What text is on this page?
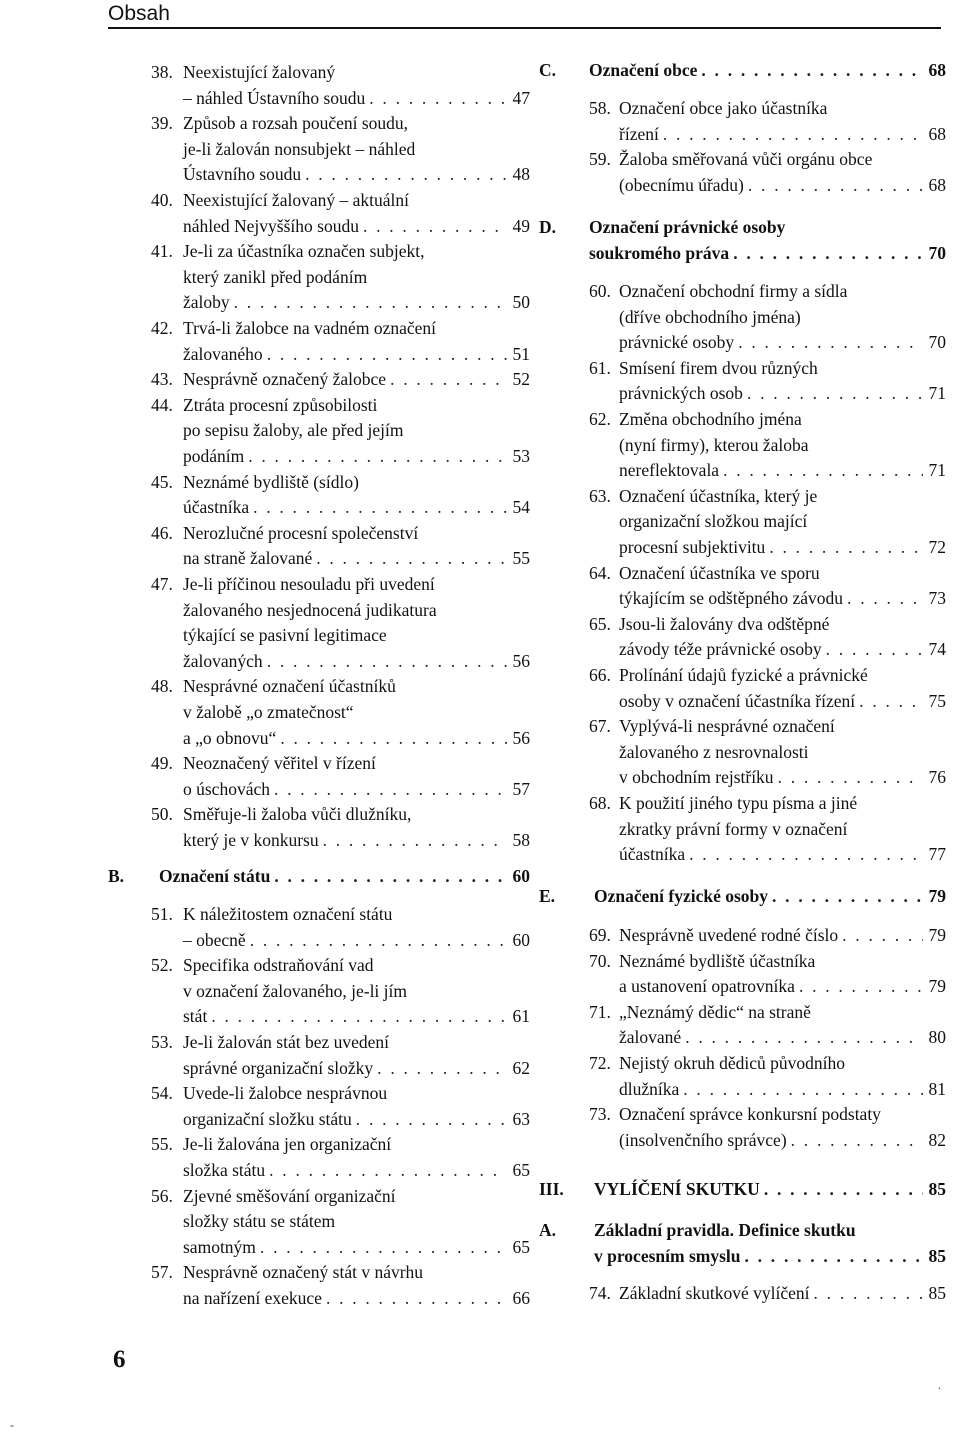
Obsah
38. Neexistující žalovaný
– náhled Ústavního soudu . . .	47
39. Způsob a rozsah poučení soudu,
je-li žalován nonsubjekt – náhled
Ústavního soudu . . .	48
40. Neexistující žalovaný – aktuální
náhled Nejvyššího soudu . . .	49
41. Je-li za účastníka označen subjekt,
který zanikl před podáním
žaloby . . .	50
42. Trvá-li žalobce na vadném označení
žalovaného . . .	51
43. Nesprávně označený žalobce . . .	52
44. Ztráta procesní způsobilosti
po sepisu žaloby, ale před jejím
podáním . . .	53
45. Neznámé bydliště (sídlo)
účastníka . . .	54
46. Nerozlučné procesní společenství
na straně žalované . . .	55
47. Je-li příčinou nesouladu při uvedení
žalovaného nesjednocená judikatura
týkající se pasivní legitimace
žalovaných . . .	56
48. Nesprávné označení účastníků
v žalobě „o zmatečnost“
a „o obnovu“ . . .	56
49. Neoznačený věřitel v řízení
o úschovách . . .	57
50. Směřuje-li žaloba vůči dlužníku,
který je v konkursu . . .	58
B. Označení státu . . .	60
51. K náležitostem označení státu
– obecně . . .	60
52. Specifika odstraňování vad
v označení žalovaného, je-li jím
stát . . .	61
53. Je-li žalován stát bez uvedení
správné organizační složky . . .	62
54. Uvede-li žalobce nesprávnou
organizační složku státu . . .	63
55. Je-li žalována jen organizační
složka státu . . .	65
56. Zjevné směšování organizační
složky státu se státem
samotným . . .	65
57. Nesprávně označený stát v návrhu
na nařízení exekuce . . .	66
C. Označení obce . . .	68
58. Označení obce jako účastníka
řízení . . .	68
59. Žaloba směřovaná vůči orgánu obce
(obecnímu úřadu) . . .	68
D. Označení právnické osoby
soukromého práva . . .	70
60. Označení obchodní firmy a sídla
(dříve obchodního jména)
právnické osoby . . .	70
61. Smísení firem dvou různých
právnických osob . . .	71
62. Změna obchodního jména
(nyní firmy), kterou žaloba
nereflektovala . . .	71
63. Označení účastníka, který je
organizační složkou mající
procesní subjektivitu . . .	72
64. Označení účastníka ve sporu
týkajícím se odštěpného závodu . . .	73
65. Jsou-li žalovány dva odštěpné
závody téže právnické osoby . . .	74
66. Prolínání údajů fyzické a právnické
osoby v označení účastníka řízení . . .	75
67. Vyplývá-li nesprávné označení
žalovaného z nesrovnalosti
v obchodním rejstříku . . .	76
68. K použití jiného typu písma a jiné
zkratky právní formy v označení
účastníka . . .	77
E. Označení fyzické osoby . . .	79
69. Nesprávně uvedené rodné číslo . . .	79
70. Neznámé bydliště účastníka
a ustanovení opatrovníka . . .	79
71. „Neznámý dědic“ na straně
žalované . . .	80
72. Nejistý okruh dědiců původního
dlužníka . . .	81
73. Označení správce konkursní podstaty
(insolvenčního správce) . . .	82
III. VYLÍČENÍ SKUTKU . . .	85
A. Základní pravidla. Definice skutku
v procesním smyslu . . .	85
74. Základní skutkové vylíčení . . .	85
6
-
.
